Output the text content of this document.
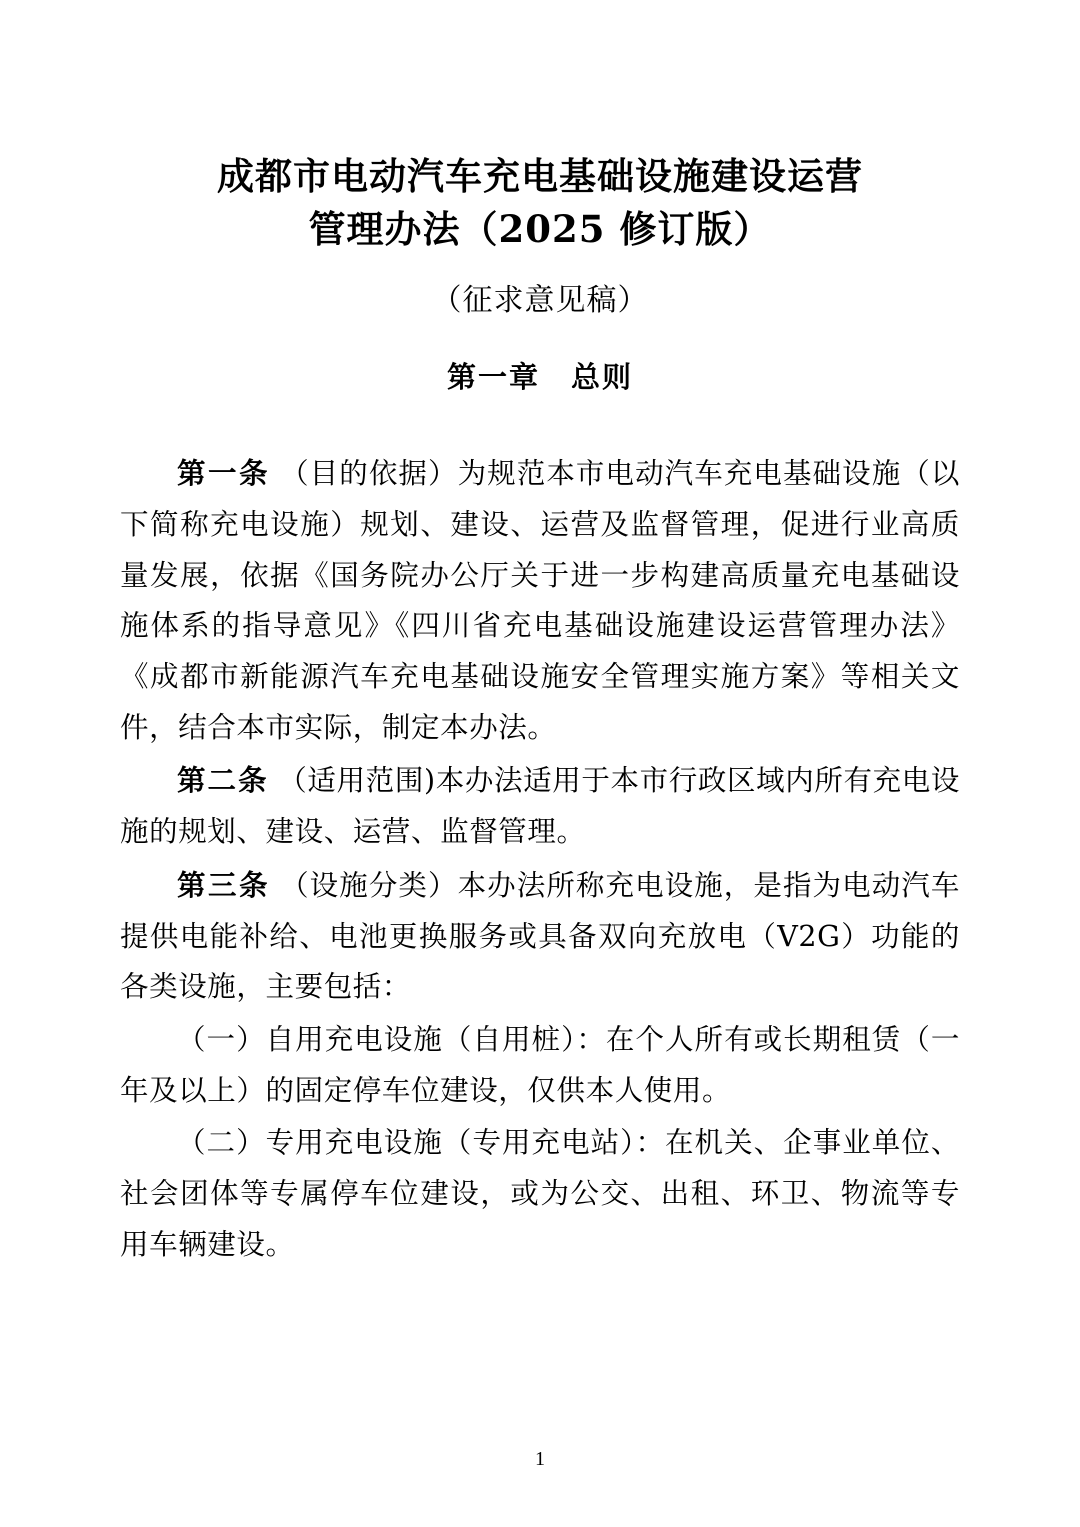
成都市电动汽车充电基础设施建设运营
管理办法（2025 修订版）
（征求意见稿）
第一章　总则

第一条 （目的依据）为规范本市电动汽车充电基础设施（以下简称充电设施）规划、建设、运营及监督管理，促进行业高质量发展，依据《国务院办公厅关于进一步构建高质量充电基础设施体系的指导意见》《四川省充电基础设施建设运营管理办法》《成都市新能源汽车充电基础设施安全管理实施方案》等相关文件，结合本市实际，制定本办法。

第二条 （适用范围)本办法适用于本市行政区域内所有充电设施的规划、建设、运营、监督管理。

第三条 （设施分类）本办法所称充电设施，是指为电动汽车提供电能补给、电池更换服务或具备双向充放电（V2G）功能的各类设施，主要包括：

（一）自用充电设施（自用桩）：在个人所有或长期租赁（一年及以上）的固定停车位建设，仅供本人使用。

（二）专用充电设施（专用充电站）：在机关、企事业单位、社会团体等专属停车位建设，或为公交、出租、环卫、物流等专用车辆建设。

1
